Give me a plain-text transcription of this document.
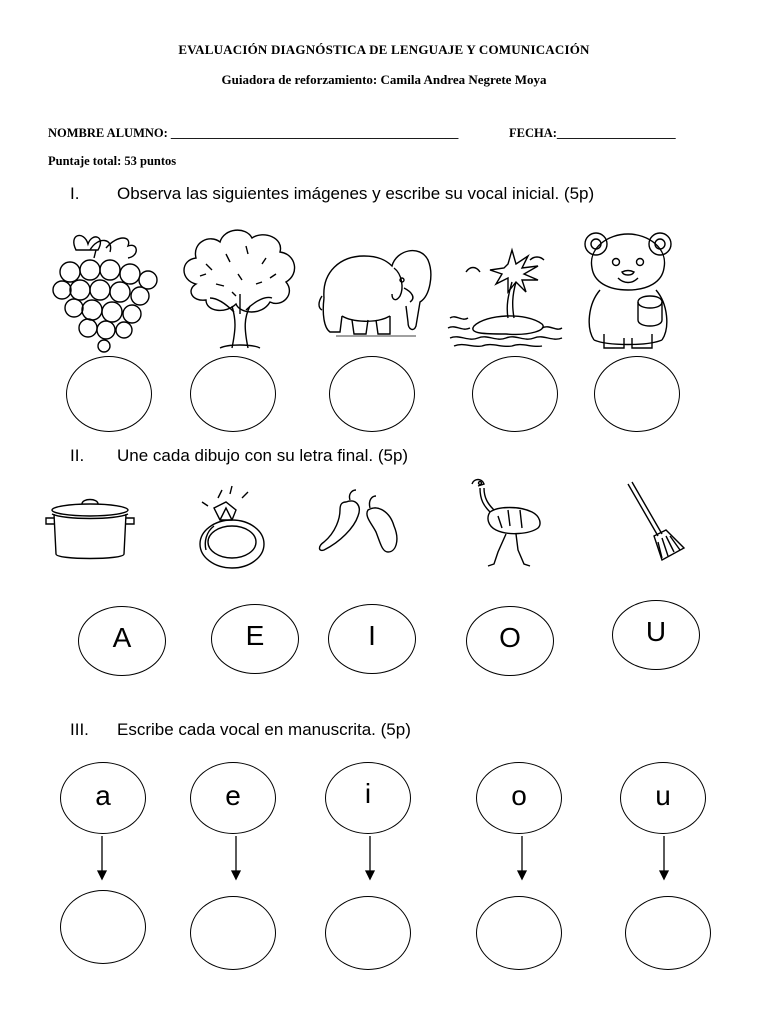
EVALUACIÓN DIAGNÓSTICA DE LENGUAJE Y COMUNICACIÓN
Guiadora de reforzamiento: Camila Andrea Negrete Moya
NOMBRE ALUMNO: ______________________________________________	FECHA:___________________
Puntaje total: 53 puntos
I. Observa las siguientes imágenes y escribe su vocal inicial. (5p)
II. Une cada dibujo con su letra final. (5p)
A	E	I	O	U
III. Escribe cada vocal en manuscrita. (5p)
a	e	i	o	u
